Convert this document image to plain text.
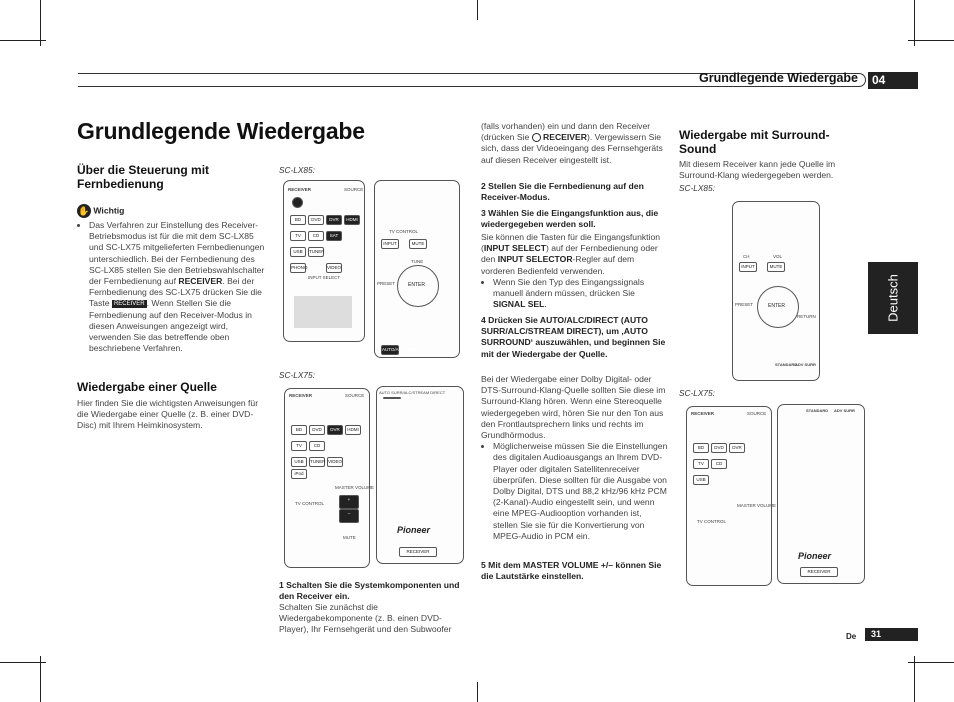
Grundlegende Wiedergabe	04
Deutsch
Grundlegende Wiedergabe
Über die Steuerung mit Fernbedienung
✋ Wichtig
• Das Verfahren zur Einstellung des Receiver-Betriebsmodus ist für die mit dem SC-LX85 und SC-LX75 mitgelieferten Fernbedienungen unterschiedlich. Bei der Fernbedienung des SC-LX85 stellen Sie den Betriebswahlschalter der Fernbedienung auf RECEIVER. Bei der Fernbedienung des SC-LX75 drücken Sie die Taste RECEIVER . Wenn Stellen Sie die Fernbedienung auf den Receiver-Modus in diesen Anweisungen angezeigt wird, verwenden Sie das betreffende oben beschriebene Verfahren.
Wiedergabe einer Quelle
Hier finden Sie die wichtigsten Anweisungen für die Wiedergabe einer Quelle (z. B. einer DVD-Disc) mit Ihrem Heimkinosystem.
SC-LX85:
RECEIVER	SOURCE
BD	DVD	DVR	HDMI
TV	CD	SAT
USB	TUNER
PHONO	VIDEO
INPUT SELECT
TV CONTROL
INPUT	MUTE
ENTER
TUNE
PRESET
AUTO/ALC/DIRECT
SC-LX75:
RECEIVER	SOURCE
BD	DVD	DVR	HDMI
TV	CD
USB
iPod
TUNER VIDEO
MASTER VOLUME
+
–
TV CONTROL
MUTE
AUTO SURR/ALC/STREAM DIRECT
Pioneer
RECEIVER
1 Schalten Sie die Systemkomponenten und den Receiver ein.
Schalten Sie zunächst die Wiedergabekomponente (z. B. einen DVD-Player), Ihr Fernsehgerät und den Subwoofer
(falls vorhanden) ein und dann den Receiver (drücken Sie RECEIVER). Vergewissern Sie sich, dass der Videoeingang des Fernsehgeräts auf diesen Receiver eingestellt ist.
2 Stellen Sie die Fernbedienung auf den Receiver-Modus.
3 Wählen Sie die Eingangsfunktion aus, die wiedergegeben werden soll.
Sie können die Tasten für die Eingangsfunktion (INPUT SELECT) auf der Fernbedienung oder den INPUT SELECTOR-Regler auf dem vorderen Bedienfeld verwenden.
• Wenn Sie den Typ des Eingangssignals manuell ändern müssen, drücken Sie SIGNAL SEL.
4 Drücken Sie AUTO/ALC/DIRECT (AUTO SURR/ALC/STREAM DIRECT), um ‚AUTO SURROUND‘ auszuwählen, und beginnen Sie mit der Wiedergabe der Quelle.
Bei der Wiedergabe einer Dolby Digital- oder DTS-Surround-Klang-Quelle sollten Sie diese im Surround-Klang hören. Wenn eine Stereoquelle wiedergegeben wird, hören Sie nur den Ton aus den Frontlautsprechern links und rechts im Grundhörmodus.
• Möglicherweise müssen Sie die Einstellungen des digitalen Audioausgangs an Ihrem DVD-Player oder digitalen Satellitenreceiver überprüfen. Diese sollten für die Ausgabe von Dolby Digital, DTS und 88,2 kHz/96 kHz PCM (2-Kanal)-Audio eingestellt sein, und wenn eine MPEG-Audiooption vorhanden ist, stellen Sie sie für die Konvertierung von MPEG-Audio in PCM ein.
5 Mit dem MASTER VOLUME +/– können Sie die Lautstärke einstellen.
Wiedergabe mit Surround-Sound
Mit diesem Receiver kann jede Quelle im Surround-Klang wiedergegeben werden.
SC-LX85:
CH	VOL
INPUT	MUTE
ENTER
PRESET
RETURN
STANDARD
ADV SURR
SC-LX75:
RECEIVER	SOURCE
BD	DVD	DVR
TV	CD
USB
MASTER VOLUME
TV CONTROL
STANDARD ADV SURR
Pioneer
RECEIVER
De	31
